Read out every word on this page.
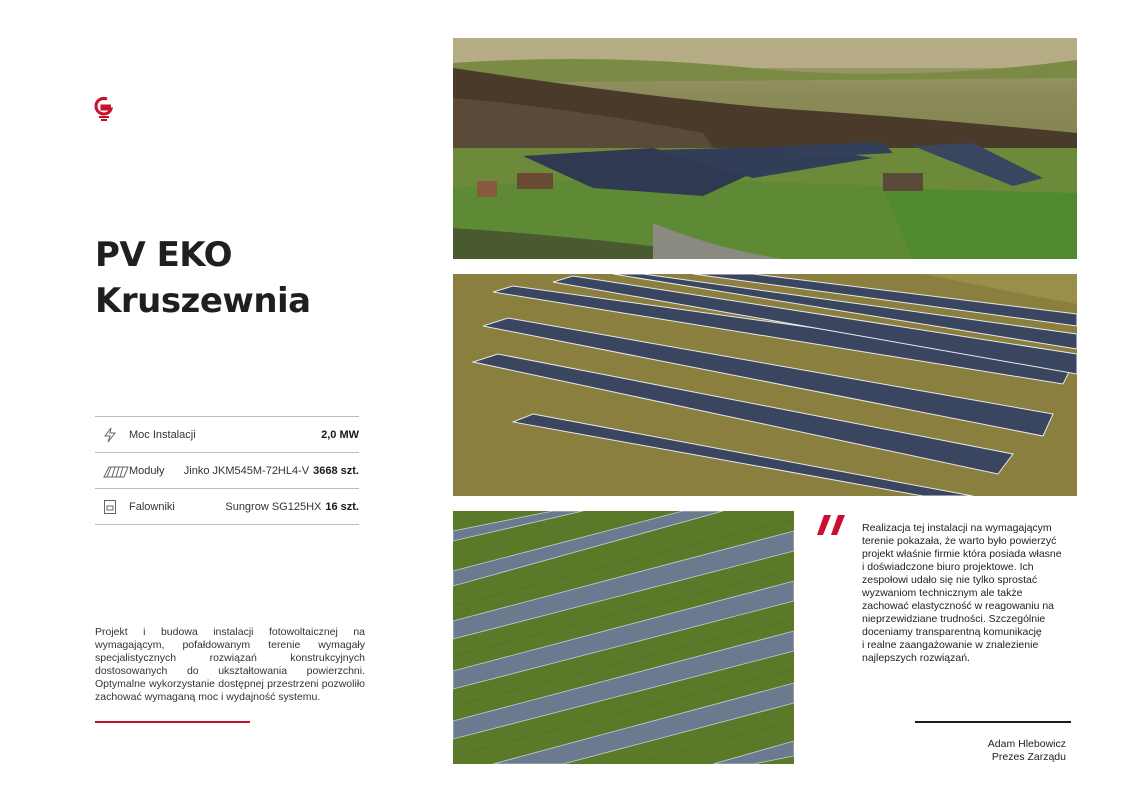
PV EKO
Kruszewnia
Moc Instalacji	2,0 MW
Moduły Jinko JKM545M-72HL4-V 3668 szt.
Falowniki	Sungrow SG125HX 16 szt.
Projekt i budowa instalacji fotowoltaicznej na wymagającym, pofałdowanym terenie wymagały specjalistycznych rozwiązań konstrukcyjnych dostosowanych do ukształtowania powierzchni. Optymalne wykorzystanie dostępnej przestrzeni pozwoliło zachować wymaganą moc i wydajność systemu.
Realizacja tej instalacji na wymagającym
terenie pokazała, że warto było powierzyć
projekt właśnie firmie która posiada własne
i doświadczone biuro projektowe. Ich
zespołowi udało się nie tylko sprostać
wyzwaniom technicznym ale także
zachować elastyczność w reagowaniu na
nieprzewidziane trudności. Szczególnie
doceniamy transparentną komunikację
i realne zaangażowanie w znalezienie
najlepszych rozwiązań.
Adam Hlebowicz
Prezes Zarządu
